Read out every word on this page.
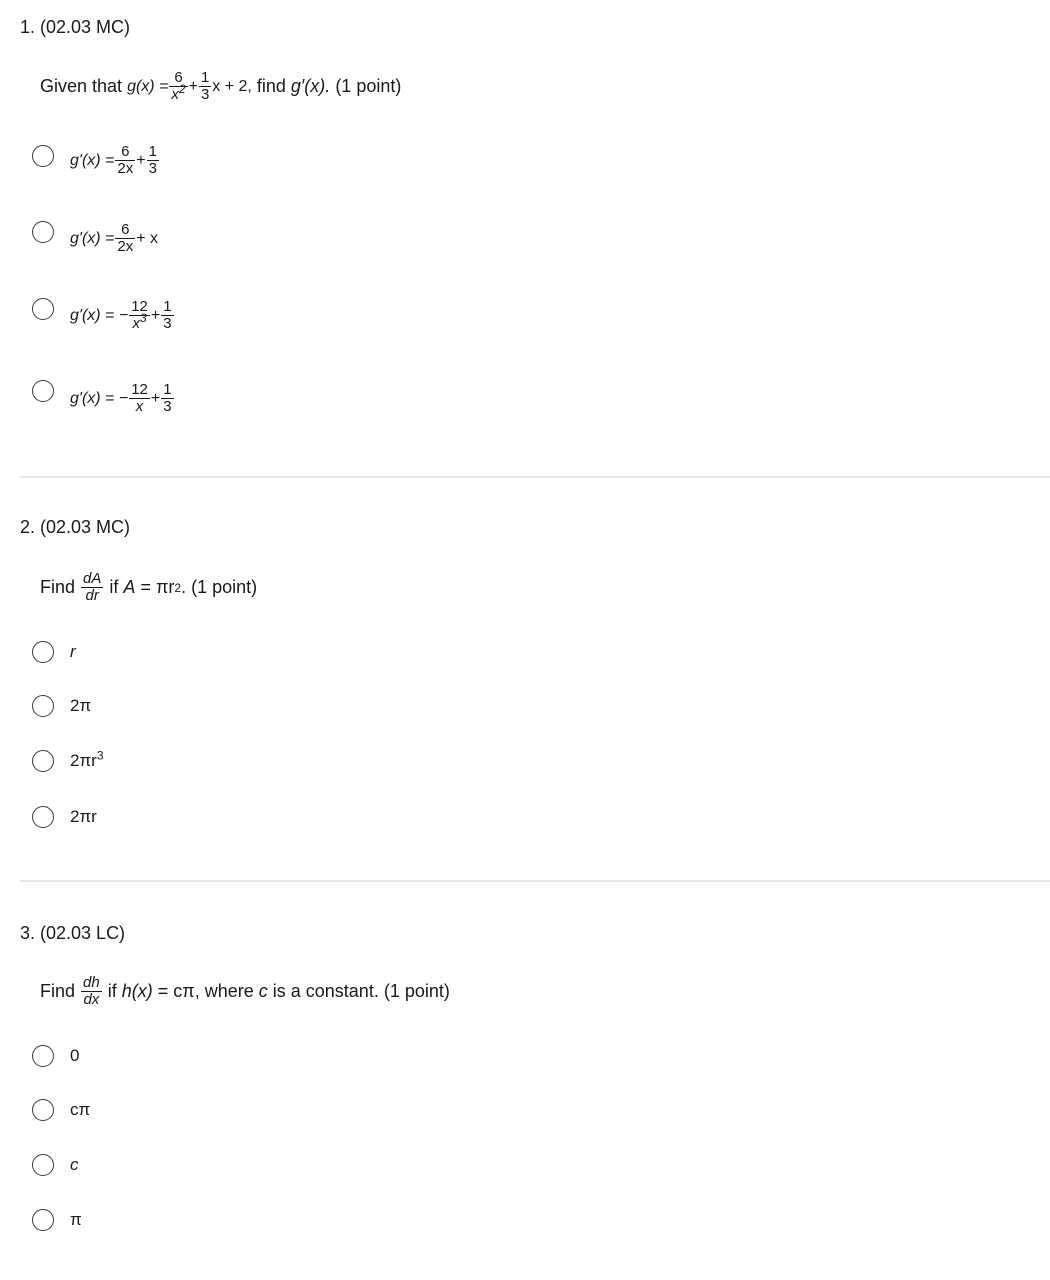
1. (02.03 MC)
Given that
$g(x) = \frac{6}{x^2} + \frac{1}{3}$ x + 2,
find
g′(x).
(1 point)
$g'(x) = \frac{6}{2x} + \frac{1}{3}$
$g'(x) = \frac{6}{2x} + x$
g'(x) = − $\frac{12}{x^3} + \frac{1}{3}$
g'(x) = − $\frac{12}{x} + \frac{1}{3}$
2. (02.03 MC)
Find
$\frac{dA}{dr}$
if
A
= πr 2 . (1 point)
r
2π
$2\pi r^3$
2πr
3. (02.03 LC)
Find
$\frac{dh}{dx}$
if
h(x)
= cπ, where
c
is a constant. (1 point)
0
cπ
c
π
